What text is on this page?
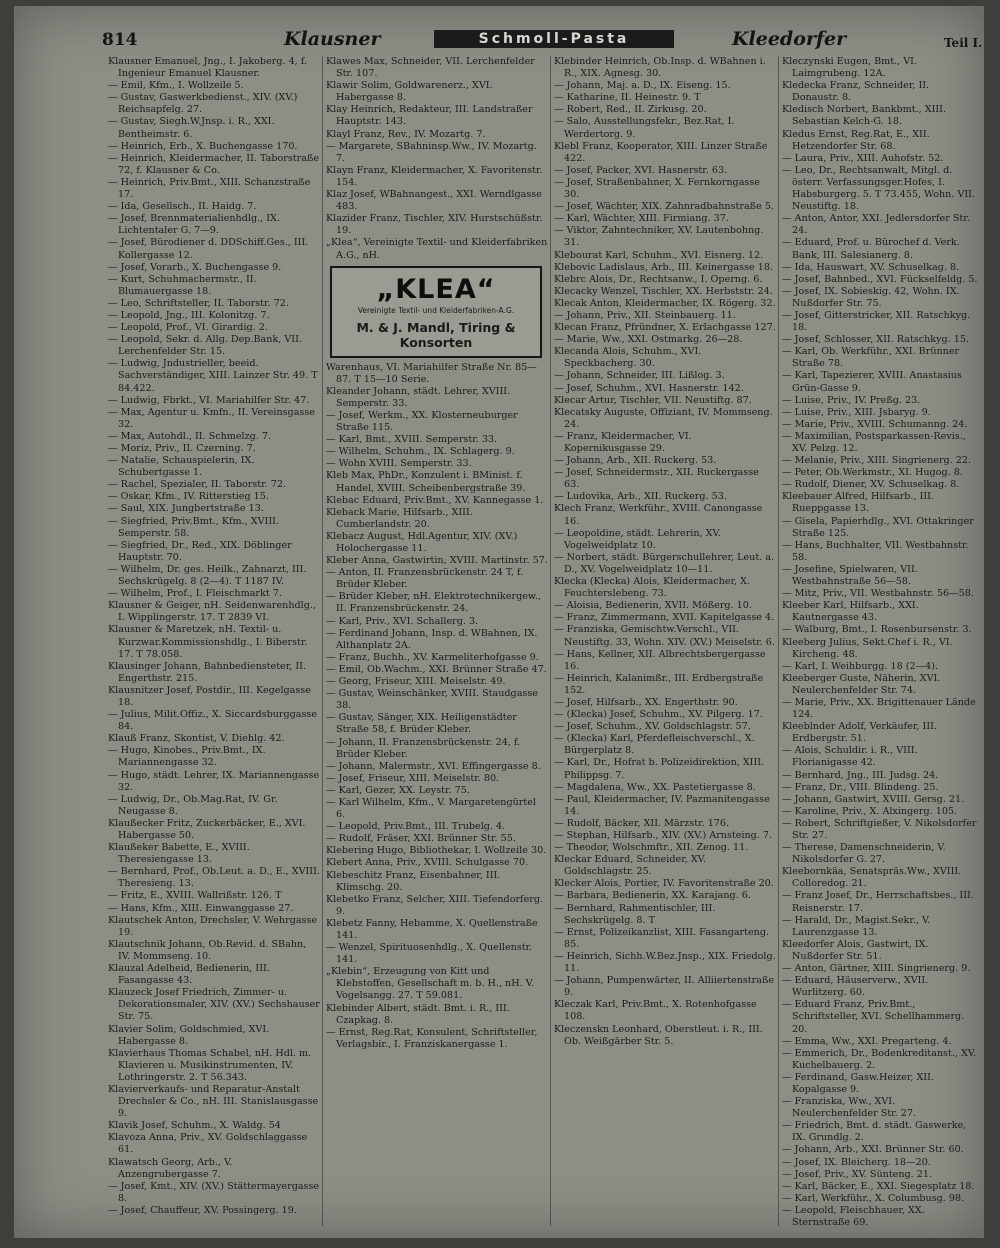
814	Klausner	Schmoll-Pasta	Kleedorfer	Teil I.

Klausner Emanuel, Jng., I. Jakoberg. 4, f. Ingenieur Emanuel Klausner.

— Emil, Kfm., I. Wollzeile 5.

— Gustav, Gaswerkbedienst., XIV. (XV.) Reichsapfelg. 27.

— Gustav, Siegh.W.Jnsp. i. R., XXI. Bentheimstr. 6.

— Heinrich, Erb., X. Buchengasse 170.

— Heinrich, Kleidermacher, II. Taborstraße 72, f. Klausner & Co.

— Heinrich, Priv.Bmt., XIII. Schanzstraße 17.

— Ida, Gesellsch., II. Haidg. 7.

— Josef, Brennmaterialienhdlg., IX. Lichtentaler G. 7—9.

— Josef, Bürodiener d. DDSchiff.Ges., III. Kollergasse 12.

— Josef, Vorarb., X. Buchengasse 9.

— Kurt, Schuhmachermstr., II. Blumauergasse 18.

— Leo, Schriftsteller, II. Taborstr. 72.

— Leopold, Jng., III. Kolonitzg. 7.

— Leopold, Prof., VI. Girardig. 2.

— Leopold, Sekr. d. Allg. Dep.Bank, VII. Lerchenfelder Str. 15.

— Ludwig, Jndustrieller, beeid. Sachverständiger, XIII. Lainzer Str. 49. T 84.422.

— Ludwig, Fbrkt., VI. Mariahilfer Str. 47.

— Max, Agentur u. Kmfn., II. Vereinsgasse 32.

— Max, Autohdl., II. Schmelzg. 7.

— Moriz, Priv., II. Czerning. 7.

— Natalie, Schauspielerin, IX. Schubertgasse 1.

— Rachel, Spezialer, II. Taborstr. 72.

— Oskar, Kfm., IV. Ritterstieg 15.

— Saul, XIX. Jungbertstraße 13.

— Siegfried, Priv.Bmt., Kfm., XVIII. Semperstr. 58.

— Siegfried, Dr., Red., XIX. Döblinger Hauptstr. 70.

— Wilhelm, Dr. ges. Heilk., Zahnarzt, III. Sechskrügelg. 8 (2—4). T 1187 IV.

— Wilhelm, Prof., I. Fleischmarkt 7.

Klausner & Geiger, nH. Seidenwarenhdlg., I. Wipplingerstr. 17. T 2839 VI.

Klausner & Maretzek, nH. Textil- u. Kurzwar.Kommissionshdlg., I. Biberstr. 17. T 78.058.

Klausinger Johann, Bahnbediensteter, II. Engerthstr. 215.

Klausnitzer Josef, Postdir., III. Kegelgasse 18.

— Julius, Milit.Offiz., X. Siccardsburggasse 84.

Klauß Franz, Skontist, V. Diehlg. 42.

— Hugo, Kinobes., Priv.Bmt., IX. Mariannengasse 32.

— Hugo, städt. Lehrer, IX. Mariannengasse 32.

— Ludwig, Dr., Ob.Mag.Rat, IV. Gr. Neugasse 8.

Klaußecker Fritz, Zuckerbäcker, E., XVI. Habergasse 50.

Klaußeker Babette, E., XVIII. Theresiengasse 13.

— Bernhard, Prof., Ob.Leut. a. D., E., XVIII. Theresieng. 13.

— Fritz, E., XVIII. Wallrißstr. 126. T

— Hans, Kfm., XIII. Einwanggasse 27.

Klautschek Anton, Drechsler, V. Wehrgasse 19.

Klautschnik Johann, Ob.Revid. d. SBahn, IV. Mommseng. 10.

Klauzal Adelheid, Bedienerin, III. Fasangasse 43.

Klauzeck Josef Friedrich, Zimmer- u. Dekorationsmaler, XIV. (XV.) Sechshauser Str. 75.

Klavier Solim, Goldschmied, XVI. Habergasse 8.

Klavierhaus Thomas Schabel, nH. Hdl. m. Klavieren u. Musikinstrumenten, IV. Lothringerstr. 2. T 56.343.

Klavierverkaufs- und Reparatur-Anstalt Drechsler & Co., nH. III. Stanislausgasse 9.

Klavik Josef, Schuhm., X. Waldg. 54

Klavoza Anna, Priv., XV. Goldschlaggasse 61.

Klawatsch Georg, Arb., V. Anzengrubergasse 7.

— Josef, Kmt., XIV. (XV.) Stättermayergasse 8.

— Josef, Chauffeur, XV. Possingerg. 19.

Klawes Max, Schneider, VII. Lerchenfelder Str. 107.

Klawir Solim, Goldwarenerz., XVI. Habergasse 8.

Klay Heinrich, Redakteur, III. Landstraßer Hauptstr. 143.

Klayl Franz, Rev., IV. Mozartg. 7.

— Margarete, SBahninsp.Ww., IV. Mozartg. 7.

Klayn Franz, Kleidermacher, X. Favoritenstr. 154.

Klaz Josef, WBahnangest., XXI. Werndlgasse 483.

Klazider Franz, Tischler, XIV. Hurstschüßstr. 19.

„Klea“, Vereinigte Textil- und Kleiderfabriken A.G., nH.

„KLEA“
Vereinigte Textil- und Kleiderfabriken-A.G.
M. & J. Mandl, Tiring & Konsorten

Warenhaus, VI. Mariahilfer Straße Nr. 85—87. T 15—10 Serie.

Kleander Johann, städt. Lehrer, XVIII. Semperstr. 33.

— Josef, Werkm., XX. Klosterneuburger Straße 115.

— Karl, Bmt., XVIII. Semperstr. 33.

— Wilhelm, Schuhm., IX. Schlagerg. 9.

— Wohn XVIII. Semperstr. 33.

Kleb Max, PhDr., Konzulent i. BMinist. f. Handel, XVIII. Scheibenbergstraße 39.

Klebac Eduard, Priv.Bmt., XV. Kannegasse 1.

Kleback Marie, Hilfsarb., XIII. Cumberlandstr. 20.

Klebacz August, Hdl.Agentur, XIV. (XV.) Holochergasse 11.

Kleber Anna, Gastwirtin, XVIII. Martinstr. 57.

— Anton, II. Franzensbrückenstr. 24 T, f. Brüder Kleber.

— Brüder Kleber, nH. Elektrotechnikergew., II. Franzensbrückenstr. 24.

— Karl, Priv., XVI. Schallerg. 3.

— Ferdinand Johann, Insp. d. WBahnen, IX. Althanplatz 2A.

— Franz, Buchh., XV. Karmeliterhofgasse 9.

— Emil, Ob.Wachm., XXI. Brünner Straße 47.

— Georg, Friseur, XIII. Meiselstr. 49.

— Gustav, Weinschänker, XVIII. Staudgasse 38.

— Gustav, Sänger, XIX. Heiligenstädter Straße 58, f. Brüder Kleber.

— Johann, II. Franzensbrückenstr. 24, f. Brüder Kleber.

— Johann, Malermstr., XVI. Effingergasse 8.

— Josef, Friseur, XIII. Meiselstr. 80.

— Karl, Gezer, XX. Leystr. 75.

— Karl Wilhelm, Kfm., V. Margaretengürtel 6.

— Leopold, Priv.Bmt., III. Trubelg. 4.

— Rudolf, Fräser, XXI. Brünner Str. 55.

Klebering Hugo, Bibliothekar, I. Wollzeile 30.

Klebert Anna, Priv., XVIII. Schulgasse 70.

Klebeschitz Franz, Eisenbahner, III. Klimschg. 20.

Klebetko Franz, Selcher, XIII. Tiefendorferg. 9.

Klebetz Fanny, Hebamme, X. Quellenstraße 141.

— Wenzel, Spirituosenhdlg., X. Quellenstr. 141.

„Klebin“, Erzeugung von Kitt und Klebstoffen, Gesellschaft m. b. H., nH. V. Vogelsangg. 27. T 59.081.

Klebinder Albert, städt. Bmt. i. R., III. Czapkag. 8.

— Ernst, Reg.Rat, Konsulent, Schriftsteller, Verlagsbir., I. Franziskanergasse 1.

Klebinder Heinrich, Ob.Insp. d. WBahnen i. R., XIX. Agnesg. 30.

— Johann, Maj. a. D., IX. Eiseng. 15.

— Katharine, II. Heinestr. 9. T

— Robert, Red., II. Zirkusg. 20.

— Salo, Ausstellungsfekr., Bez.Rat, I. Werdertorg. 9.

Klebl Franz, Kooperator, XIII. Linzer Straße 422.

— Josef, Packer, XVI. Hasnerstr. 63.

— Josef, Straßenbahner, X. Fernkorngasse 30.

— Josef, Wächter, XIX. Zahnradbahnstraße 5.

— Karl, Wächter, XIII. Firmiang. 37.

— Viktor, Zahntechniker, XV. Lautenbohng. 31.

Klebourat Karl, Schuhm., XVI. Eisnerg. 12.

Klebovic Ladislaus, Arb., III. Keinergasse 18.

Klebrc Alois, Dr., Rechtsanw., I. Operng. 6.

Klecacky Wenzel, Tischler, XX. Herbststr. 24.

Klecak Anton, Kleidermacher, IX. Rögerg. 32.

— Johann, Priv., XII. Steinbauerg. 11.

Klecan Franz, Pfründner, X. Erlachgasse 127.

— Marie, Ww., XXI. Ostmarkg. 26—28.

Klecanda Alois, Schuhm., XVI. Speckbacherg. 30.

— Johann, Schneider, III. Lißlog. 3.

— Josef, Schuhm., XVI. Hasnerstr. 142.

Klecar Artur, Tischler, VII. Neustiftg. 87.

Klecatsky Auguste, Offiziant, IV. Mommseng. 24.

— Franz, Kleidermacher, VI. Kopernikusgasse 29.

— Johann, Arb., XII. Ruckerg. 53.

— Josef, Schneidermstr., XII. Ruckergasse 63.

— Ludovika, Arb., XII. Ruckerg. 53.

Klech Franz, Werkführ., XVIII. Canongasse 16.

— Leopoldine, städt. Lehrerin, XV. Vogelweidplatz 10.

— Norbert, städt. Bürgerschullehrer, Leut. a. D., XV. Vogelweidplatz 10—11.

Klecka (Klecka) Alois, Kleidermacher, X. Feuchterslebeng. 73.

— Aloisia, Bedienerin, XVII. Mößerg. 10.

— Franz, Zimmermann, XVII. Kapitelgasse 4.

— Franziska, Gemischtw.Verschl., VII. Neustiftg. 33, Wohn. XIV. (XV.) Meiselstr. 6.

— Hans, Kellner, XII. Albrechtsbergergasse 16.

— Heinrich, Kalanimßr., III. Erdbergstraße 152.

— Josef, Hilfsarb., XX. Engerthstr. 90.

— (Klecka) Josef, Schuhm., XV. Pilgerg. 17.

— Josef, Schuhm., XV. Goldschlagstr. 57.

— (Klecka) Karl, Pferdefleischverschl., X. Bürgerplatz 8.

— Karl, Dr., Hofrat b. Polizeidirektion, XIII. Philippsg. 7.

— Magdalena, Ww., XX. Pastetiergasse 8.

— Paul, Kleidermacher, IV. Pazmanitengasse 14.

— Rudolf, Bäcker, XII. Märzstr. 176.

— Stephan, Hilfsarb., XIV. (XV.) Arnsteing. 7.

— Theodor, Wolschmftr., XII. Zenog. 11.

Kleckar Eduard, Schneider, XV. Goldschlagstr. 25.

Klecker Alois, Portier, IV. Favoritenstraße 20.

— Barbara, Bedienerin, XX. Karajang. 6.

— Bernhard, Rahmentischler, III. Sechskrügelg. 8. T

— Ernst, Polizeikanzlist, XIII. Fasangarteng. 85.

— Heinrich, Sichh.W.Bez.Jnsp., XIX. Friedolg. 11.

— Johann, Pumpenwärter, II. Alliiertenstraße 9.

Kleczak Karl, Priv.Bmt., X. Rotenhofgasse 108.

Kleczenskn Leonhard, Oberstleut. i. R., III. Ob. Weißgärber Str. 5.

Kleczynski Eugen, Bmt., VI. Laimgrubeng. 12A.

Kledecka Franz, Schneider, II. Donaustr. 8.

Kledisch Norbert, Bankbmt., XIII. Sebastian Kelch-G. 18.

Kledus Ernst, Reg.Rat, E., XII. Hetzendorfer Str. 68.

— Laura, Priv., XIII. Auhofstr. 52.

— Leo, Dr., Rechtsanwalt, Mitgl. d. österr. Verfassungsger.Hofes, I. Habsburgerg. 5. T 73.455, Wohn. VII. Neustiftg. 18.

— Anton, Antor, XXI. Jedlersdorfer Str. 24.

— Eduard, Prof. u. Bürochef d. Verk. Bank, III. Salesianerg. 8.

— Ida, Hauswart, XV. Schuselkag. 8.

— Josef, Bahnbed., XVI. Fückselfeldg. 5.

— Josef, IX. Sobieskig. 42, Wohn. IX. Nußdorfer Str. 75.

— Josef, Gitterstricker, XII. Ratschkyg. 18.

— Josef, Schlosser, XII. Ratschkyg. 15.

— Karl, Ob. Werkführ., XXI. Brünner Straße 78.

— Karl, Tapezierer, XVIII. Anastasius Grün-Gasse 9.

— Luise, Priv., IV. Preßg. 23.

— Luise, Priv., XIII. Jsbaryg. 9.

— Marie, Priv., XVIII. Schumanng. 24.

— Maximilian, Postsparkassen-Revis., XV. Pelzg. 12.

— Melanie, Priv., XIII. Singrienerg. 22.

— Peter, Ob.Werkmstr., XI. Hugog. 8.

— Rudolf, Diener, XV. Schuselkag. 8.

Kleebauer Alfred, Hilfsarb., III. Rueppgasse 13.

— Gisela, Papierhdlg., XVI. Ottakringer Straße 125.

— Hans, Buchhalter, VII. Westbahnstr. 58.

— Josefine, Spielwaren, VII. Westbahnstraße 56—58.

— Mitz, Priv., VII. Westbahnstr. 56—58.

Kleeber Karl, Hilfsarb., XXI. Kautnergasse 43.

— Walburg, Bmt., I. Rosenbursenstr. 3.

Kleeberg Julius, Sekt.Chef i. R., VI. Kircheng. 48.

— Karl, I. Weihburgg. 18 (2—4).

Kleeberger Guste, Näherin, XVI. Neulerchenfelder Str. 74.

— Marie, Priv., XX. Brigittenauer Lände 124.

Kleeblnder Adolf, Verkäufer, III. Erdbergstr. 51.

— Alois, Schuldir. i. R., VIII. Florianigasse 42.

— Bernhard, Jng., III. Judsg. 24.

— Franz, Dr., VIII. Blindeng. 25.

— Johann, Gastwirt, XVIII. Gersg. 21.

— Karoline, Priv., X. Alxingerg. 105.

— Robert, Schriftgießer, V. Nikolsdorfer Str. 27.

— Therese, Damenschneiderin, V. Nikolsdorfer G. 27.

Kleebornkäa, Senatspräs.Ww., XVIII. Colloredog. 21.

— Franz Josef, Dr., Herrschaftsbes., III. Reisnerstr. 17.

— Harald, Dr., Magist.Sekr., V. Laurenzgasse 13.

Kleedorfer Alois, Gastwirt, IX. Nußdorfer Str. 51.

— Anton, Gärtner, XIII. Singrienerg. 9.

— Eduard, Häuserverw., XVII. Wurlitzerg. 60.

— Eduard Franz, Priv.Bmt., Schriftsteller, XVI. Schellhammerg. 20.

— Emma, Ww., XXI. Pregarteng. 4.

— Emmerich, Dr., Bodenkreditanst., XV. Kuchelbauerg. 2.

— Ferdinand, Gasw.Heizer, XII. Kopalgasse 9.

— Franziska, Ww., XVI. Neulerchenfelder Str. 27.

— Friedrich, Bmt. d. städt. Gaswerke, IX. Grundlg. 2.

— Johann, Arb., XXI. Brünner Str. 60.

— Josef, IX. Bleicherg. 18—20.

— Josef, Priv., XV. Sünteng. 21.

— Karl, Bäcker, E., XXI. Siegesplatz 18.

— Karl, Werkführ., X. Columbusg. 98.

— Leopold, Fleischhauer, XX. Sternstraße 69.
